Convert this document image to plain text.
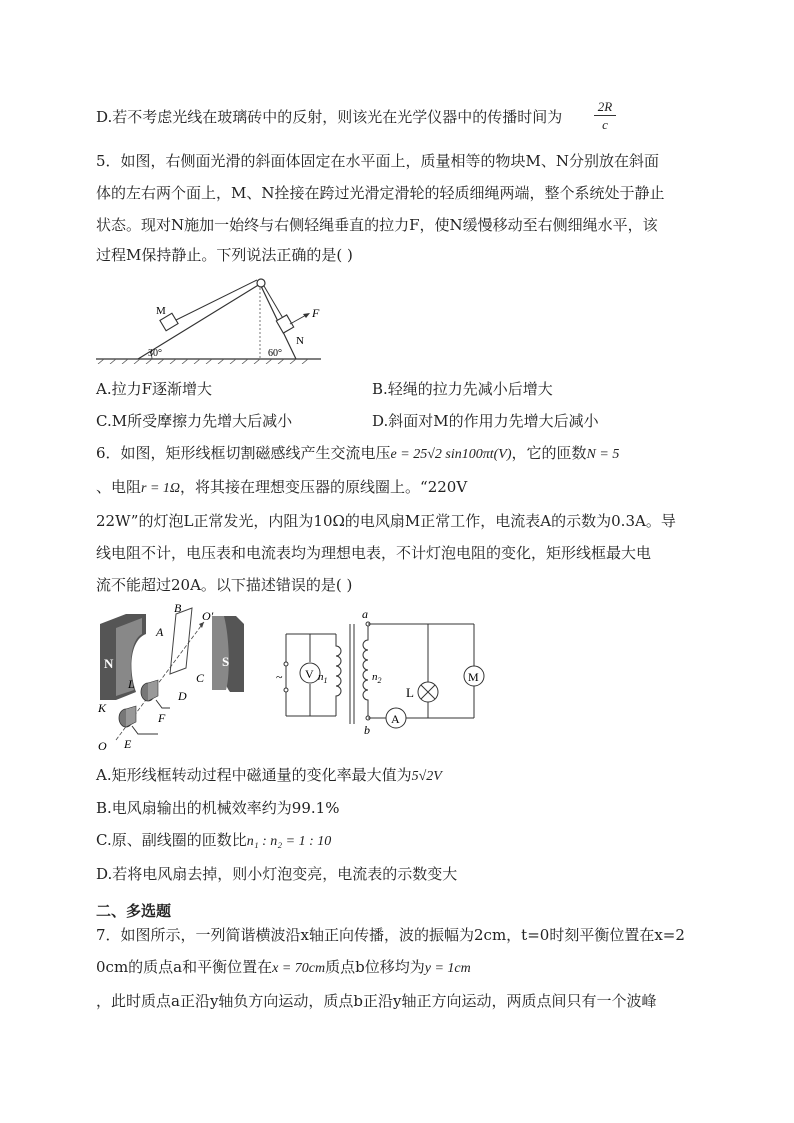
D.若不考虑光线在玻璃砖中的反射，则该光在光学仪器中的传播时间为
2R
c
5．如图，右侧面光滑的斜面体固定在水平面上，质量相等的物块M、N分别放在斜面
体的左右两个面上，M、N拴接在跨过光滑定滑轮的轻质细绳两端，整个系统处于静止
状态。现对N施加一始终与右侧轻绳垂直的拉力F，使N缓慢移动至右侧细绳水平，该
过程M保持静止。下列说法正确的是( )
M
N
F
30°	60°
A.拉力F逐渐增大	B.轻绳的拉力先减小后增大
C.M所受摩擦力先增大后减小	D.斜面对M的作用力先增大后减小
6．如图，矩形线框切割磁感线产生交流电压e = 25√2 sin100πt(V)，它的匝数N = 5
、电阻r = 1Ω，将其接在理想变压器的原线圈上。“220V
22W”的灯泡L正常发光，内阻为10Ω的电风扇M正常工作，电流表A的示数为0.3A。导
线电阻不计，电压表和电流表均为理想电表，不计灯泡电阻的变化，矩形线框最大电
流不能超过20A。以下描述错误的是( )
N	S
B
A
C
D
F
E
K
L
O
O′
~ V $n_1$	$n_2$
a
b
A
L
M
A.矩形线框转动过程中磁通量的变化率最大值为5√2V
B.电风扇输出的机械效率约为99.1%
C.原、副线圈的匝数比n₁ : n₂ = 1 : 10
D.若将电风扇去掉，则小灯泡变亮，电流表的示数变大
二、多选题
7．如图所示，一列简谐横波沿x轴正向传播，波的振幅为2cm，t=0时刻平衡位置在x=2
0cm的质点a和平衡位置在x = 70cm质点b位移均为y = 1cm
，此时质点a正沿y轴负方向运动，质点b正沿y轴正方向运动，两质点间只有一个波峰
